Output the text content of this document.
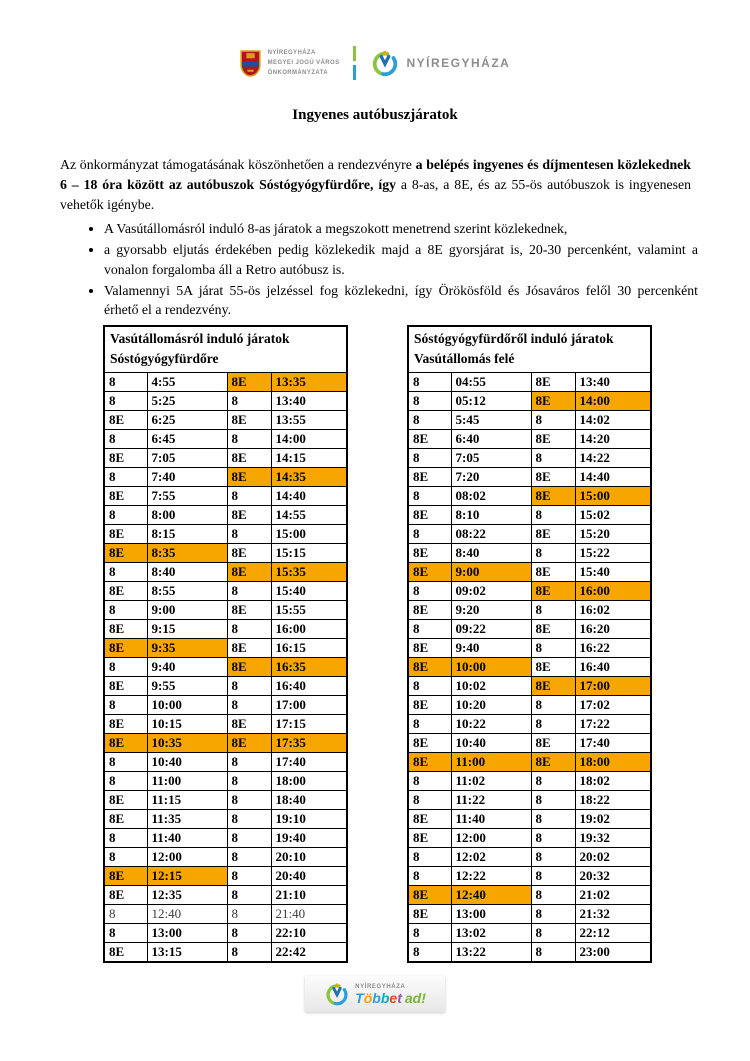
NYÍREGYHÁZA
MEGYEI JOGÚ VÁROS
ÖNKORMÁNYZATA
NYÍREGYHÁZA
Ingyenes autóbuszjáratok

Az önkormányzat támogatásának köszönhetően a rendezvényre a belépés ingyenes és díjmentesen közlekednek 6 – 18 óra között az autóbuszok Sóstógyógyfürdőre, így a 8-as, a 8E, és az 55-ös autóbuszok is ingyenesen vehetők igénybe.

• A Vasútállomásról induló 8-as járatok a megszokott menetrend szerint közlekednek,
• a gyorsabb eljutás érdekében pedig közlekedik majd a 8E gyorsjárat is, 20-30 percenként, valamint a vonalon forgalomba áll a Retro autóbusz is.
• Valamennyi 5A járat 55-ös jelzéssel fog közlekedni, így Örökösföld és Jósaváros felől 30 percenként érhető el a rendezvény.
Vasútállomásról induló járatok
Sóstógyógyfürdőre			

8	4:55	8E	13:35
8	5:25	8	13:40
8E	6:25	8E	13:55
8	6:45	8	14:00
8E	7:05	8E	14:15
8	7:40	8E	14:35
8E	7:55	8	14:40
8	8:00	8E	14:55
8E	8:15	8	15:00
8E	8:35	8E	15:15
8	8:40	8E	15:35
8E	8:55	8	15:40
8	9:00	8E	15:55
8E	9:15	8	16:00
8E	9:35	8E	16:15
8	9:40	8E	16:35
8E	9:55	8	16:40
8	10:00	8	17:00
8E	10:15	8E	17:15
8E	10:35	8E	17:35
8	10:40	8	17:40
8	11:00	8	18:00
8E	11:15	8	18:40
8E	11:35	8	19:10
8	11:40	8	19:40
8	12:00	8	20:10
8E	12:15	8	20:40
8E	12:35	8	21:10
8	12:40	8	21:40
8	13:00	8	22:10
8E	13:15	8	22:42
Sóstógyógyfürdőről induló járatok
Vasútállomás felé			

8	04:55	8E	13:40
8	05:12	8E	14:00
8	5:45	8	14:02
8E	6:40	8E	14:20
8	7:05	8	14:22
8E	7:20	8E	14:40
8	08:02	8E	15:00
8E	8:10	8	15:02
8	08:22	8E	15:20
8E	8:40	8	15:22
8E	9:00	8E	15:40
8	09:02	8E	16:00
8E	9:20	8	16:02
8	09:22	8E	16:20
8E	9:40	8	16:22
8E	10:00	8E	16:40
8	10:02	8E	17:00
8E	10:20	8	17:02
8	10:22	8	17:22
8E	10:40	8E	17:40
8E	11:00	8E	18:00
8	11:02	8	18:02
8	11:22	8	18:22
8E	11:40	8	19:02
8E	12:00	8	19:32
8	12:02	8	20:02
8	12:22	8	20:32
8E	12:40	8	21:02
8E	13:00	8	21:32
8	13:02	8	22:12
8	13:22	8	23:00
NYÍREGYHÁZA
Többet ad!
